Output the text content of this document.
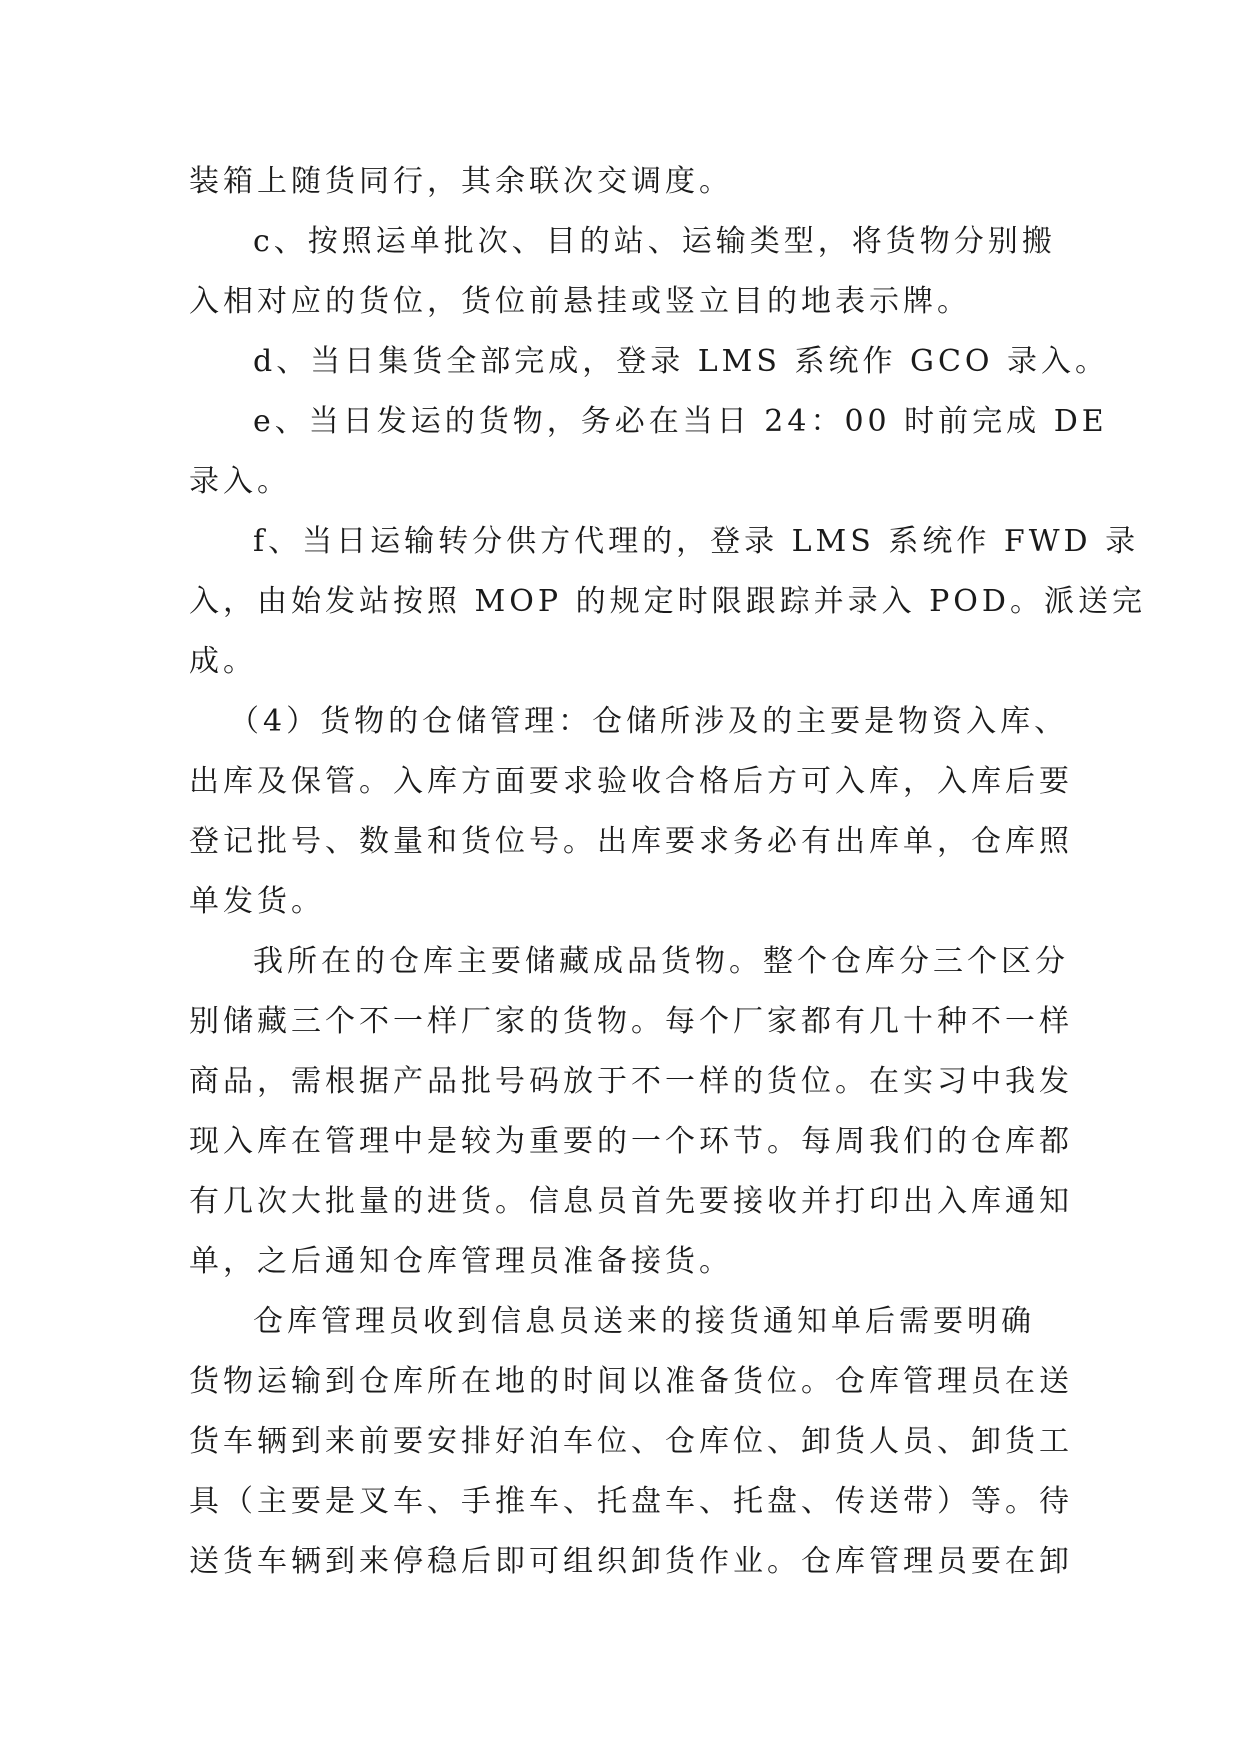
装箱上随货同行，其余联次交调度。
c、按照运单批次、目的站、运输类型，将货物分别搬
入相对应的货位，货位前悬挂或竖立目的地表示牌。
d、当日集货全部完成，登录 LMS 系统作 GCO 录入。
e、当日发运的货物，务必在当日 24：00 时前完成 DE
录入。
f、当日运输转分供方代理的，登录 LMS 系统作 FWD 录
入，由始发站按照 MOP 的规定时限跟踪并录入 POD。派送完
成。
（4）货物的仓储管理：仓储所涉及的主要是物资入库、
出库及保管。入库方面要求验收合格后方可入库，入库后要
登记批号、数量和货位号。出库要求务必有出库单，仓库照
单发货。
我所在的仓库主要储藏成品货物。整个仓库分三个区分
别储藏三个不一样厂家的货物。每个厂家都有几十种不一样
商品，需根据产品批号码放于不一样的货位。在实习中我发
现入库在管理中是较为重要的一个环节。每周我们的仓库都
有几次大批量的进货。信息员首先要接收并打印出入库通知
单，之后通知仓库管理员准备接货。
仓库管理员收到信息员送来的接货通知单后需要明确
货物运输到仓库所在地的时间以准备货位。仓库管理员在送
货车辆到来前要安排好泊车位、仓库位、卸货人员、卸货工
具（主要是叉车、手推车、托盘车、托盘、传送带）等。待
送货车辆到来停稳后即可组织卸货作业。仓库管理员要在卸
